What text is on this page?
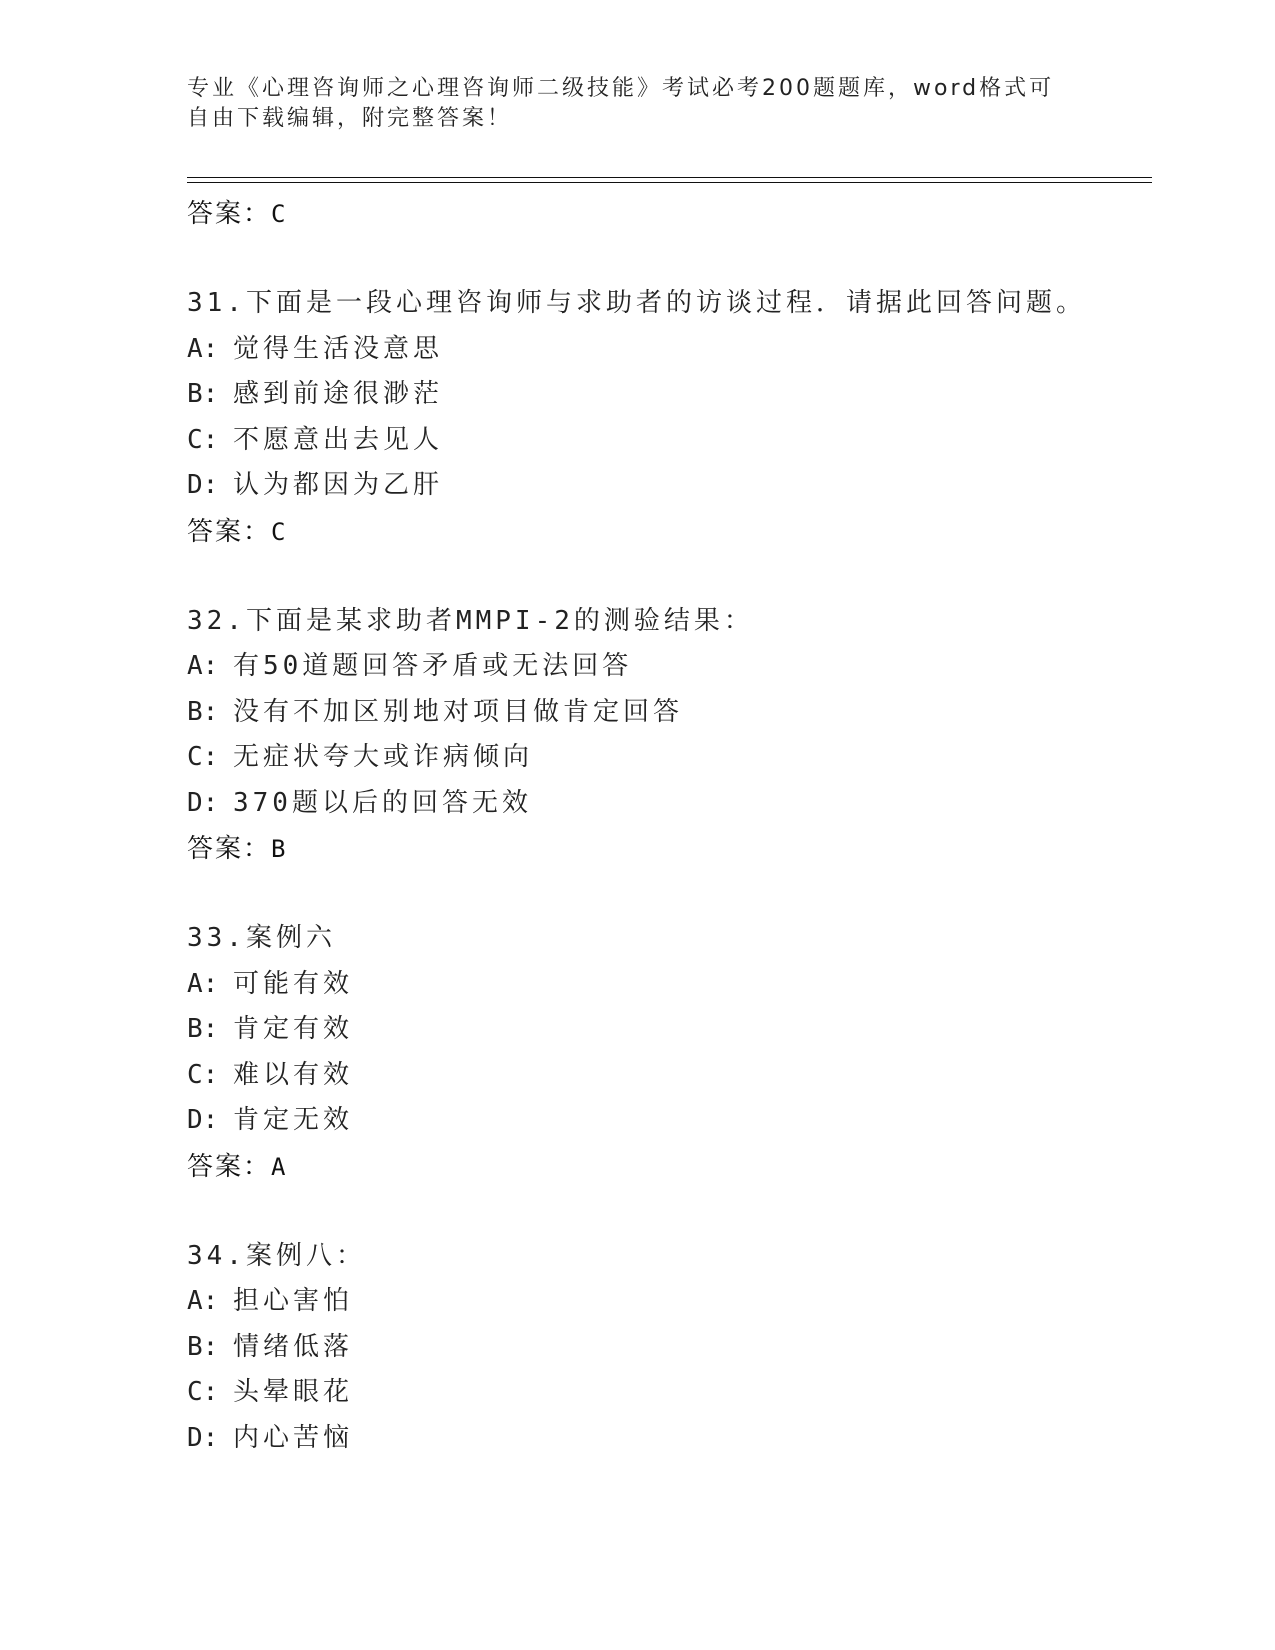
专业《心理咨询师之心理咨询师二级技能》考试必考200题题库，word格式可自由下载编辑，附完整答案！
答案：C
31.下面是一段心理咨询师与求助者的访谈过程．请据此回答问题。
A: 觉得生活没意思
B: 感到前途很渺茫
C: 不愿意出去见人
D: 认为都因为乙肝
答案：C
32.下面是某求助者MMPI-2的测验结果：
A: 有50道题回答矛盾或无法回答
B: 没有不加区别地对项目做肯定回答
C: 无症状夸大或诈病倾向
D: 370题以后的回答无效
答案：B
33.案例六
A: 可能有效
B: 肯定有效
C: 难以有效
D: 肯定无效
答案：A
34.案例八：
A: 担心害怕
B: 情绪低落
C: 头晕眼花
D: 内心苦恼
